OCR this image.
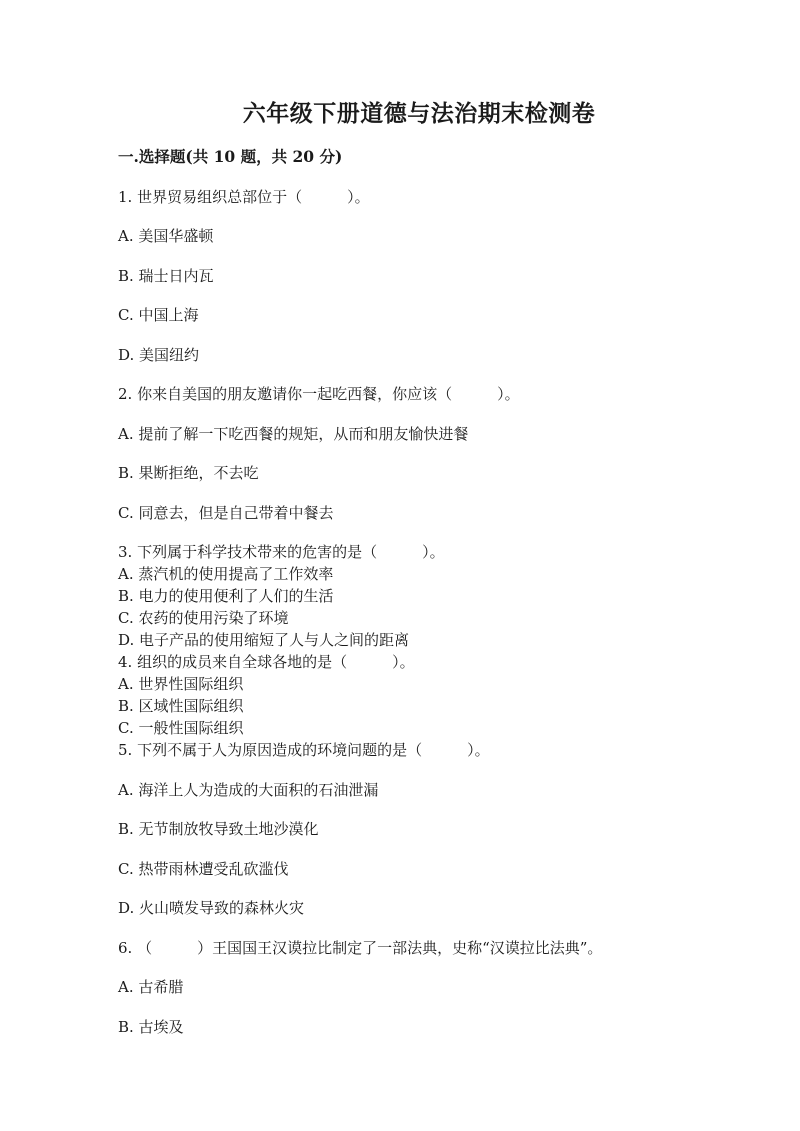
六年级下册道德与法治期末检测卷

一.选择题(共 10 题，共 20 分)

1. 世界贸易组织总部位于（　　　）。

A. 美国华盛顿

B. 瑞士日内瓦

C. 中国上海

D. 美国纽约

2. 你来自美国的朋友邀请你一起吃西餐，你应该（　　　）。

A. 提前了解一下吃西餐的规矩，从而和朋友愉快进餐

B. 果断拒绝，不去吃

C. 同意去，但是自己带着中餐去

3. 下列属于科学技术带来的危害的是（　　　）。

A. 蒸汽机的使用提高了工作效率

B. 电力的使用便利了人们的生活

C. 农药的使用污染了环境

D. 电子产品的使用缩短了人与人之间的距离

4. 组织的成员来自全球各地的是（　　　）。

A. 世界性国际组织

B. 区域性国际组织

C. 一般性国际组织

5. 下列不属于人为原因造成的环境问题的是（　　　）。

A. 海洋上人为造成的大面积的石油泄漏

B. 无节制放牧导致土地沙漠化

C. 热带雨林遭受乱砍滥伐

D. 火山喷发导致的森林火灾

6. （　　　）王国国王汉谟拉比制定了一部法典，史称“汉谟拉比法典”。

A. 古希腊

B. 古埃及
